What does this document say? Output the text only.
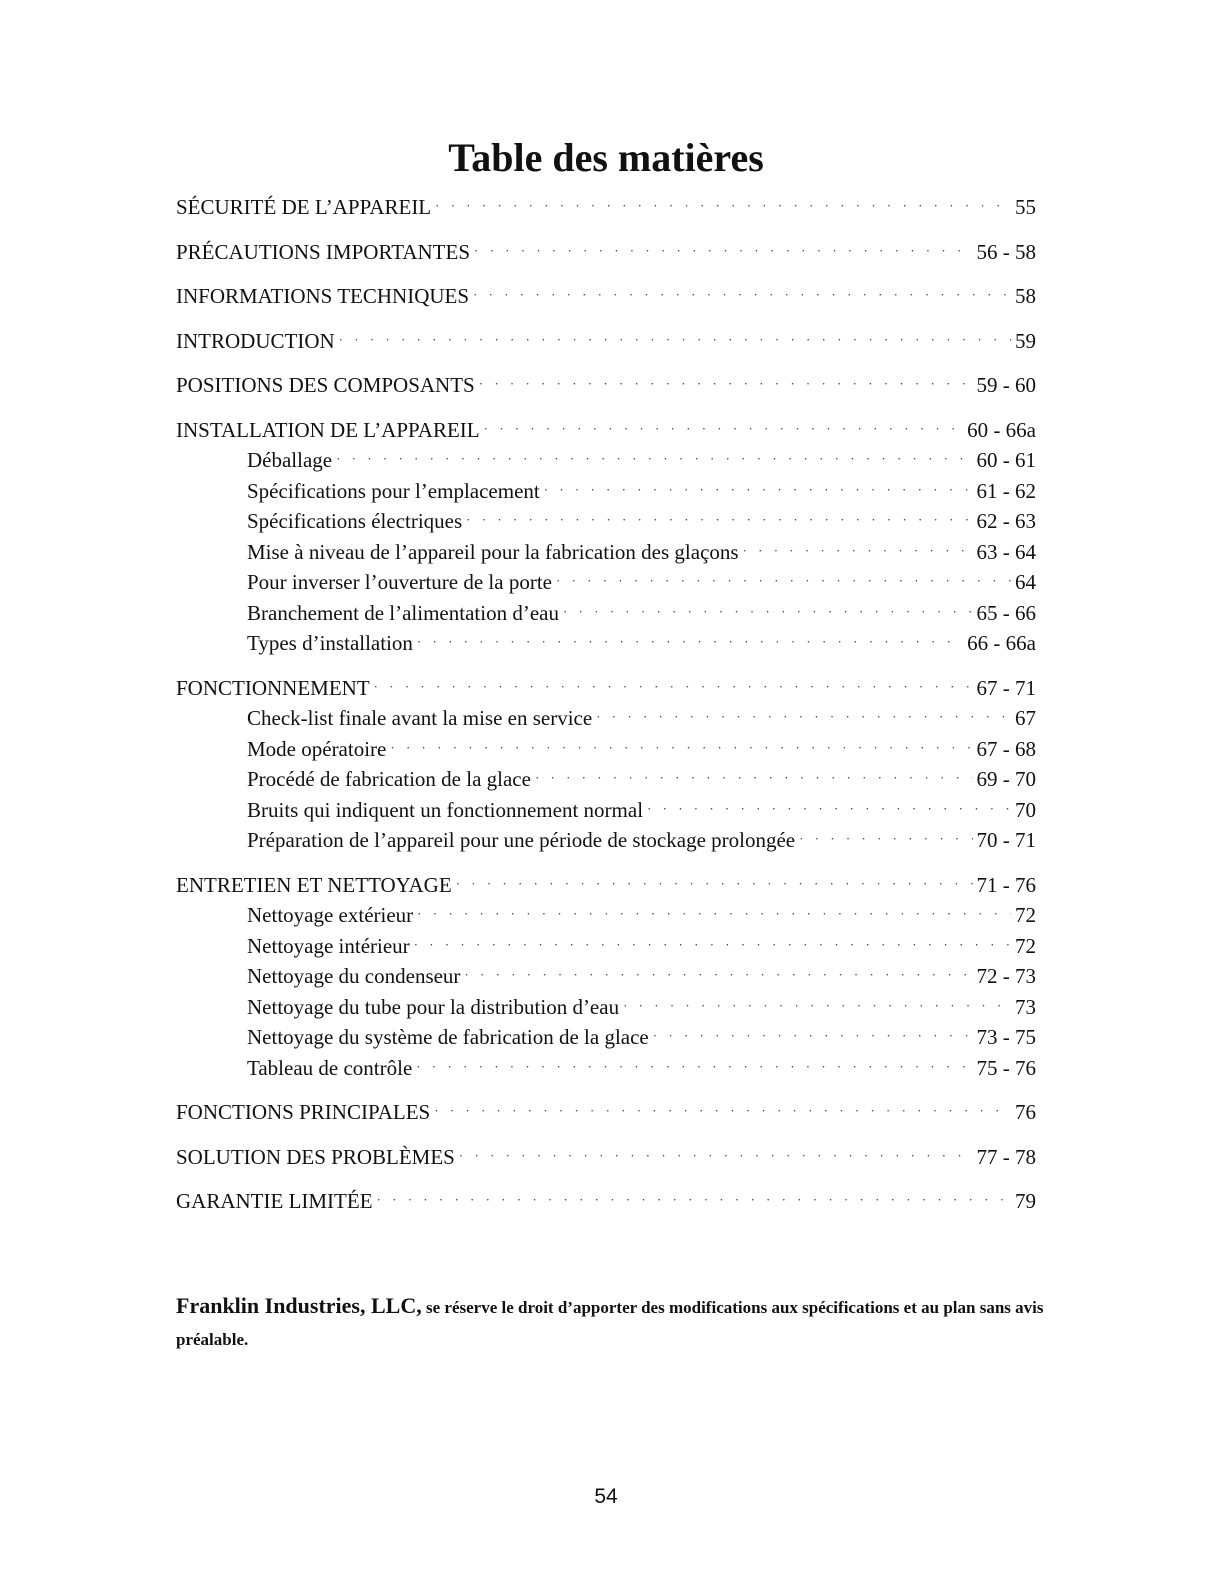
Table des matières
SÉCURITÉ DE L’APPAREIL · · ·	55
PRÉCAUTIONS IMPORTANTES · · ·	56 - 58
INFORMATIONS TECHNIQUES · · ·	58
INTRODUCTION · · ·	59
POSITIONS DES COMPOSANTS · · ·	59 - 60
INSTALLATION DE L’APPAREIL · · ·	60 - 66a
Déballage · · ·	60 - 61
Spécifications pour l’emplacement · · ·	61 - 62
Spécifications électriques · · ·	62 - 63
Mise à niveau de l’appareil pour la fabrication des glaçons · · ·	63 - 64
Pour inverser l’ouverture de la porte · · ·	64
Branchement de l’alimentation d’eau · · ·	65 - 66
Types d’installation · · ·	66 - 66a
FONCTIONNEMENT · · ·	67 - 71
Check-list finale avant la mise en service · · ·	67
Mode opératoire · · ·	67 - 68
Procédé de fabrication de la glace · · ·	69 - 70
Bruits qui indiquent un fonctionnement normal · · ·	70
Préparation de l’appareil pour une période de stockage prolongée · · ·	70 - 71
ENTRETIEN ET NETTOYAGE · · ·	71 - 76
Nettoyage extérieur · · ·	72
Nettoyage intérieur · · ·	72
Nettoyage du condenseur · · ·	72 - 73
Nettoyage du tube pour la distribution d’eau · · ·	73
Nettoyage du système de fabrication de la glace · · ·	73 - 75
Tableau de contrôle · · ·	75 - 76
FONCTIONS PRINCIPALES · · ·	76
SOLUTION DES PROBLÈMES · · ·	77 - 78
GARANTIE LIMITÉE · · ·	79
Franklin Industries, LLC, se réserve le droit d’apporter des modifications aux spécifications et au plan sans avis préalable.
54
